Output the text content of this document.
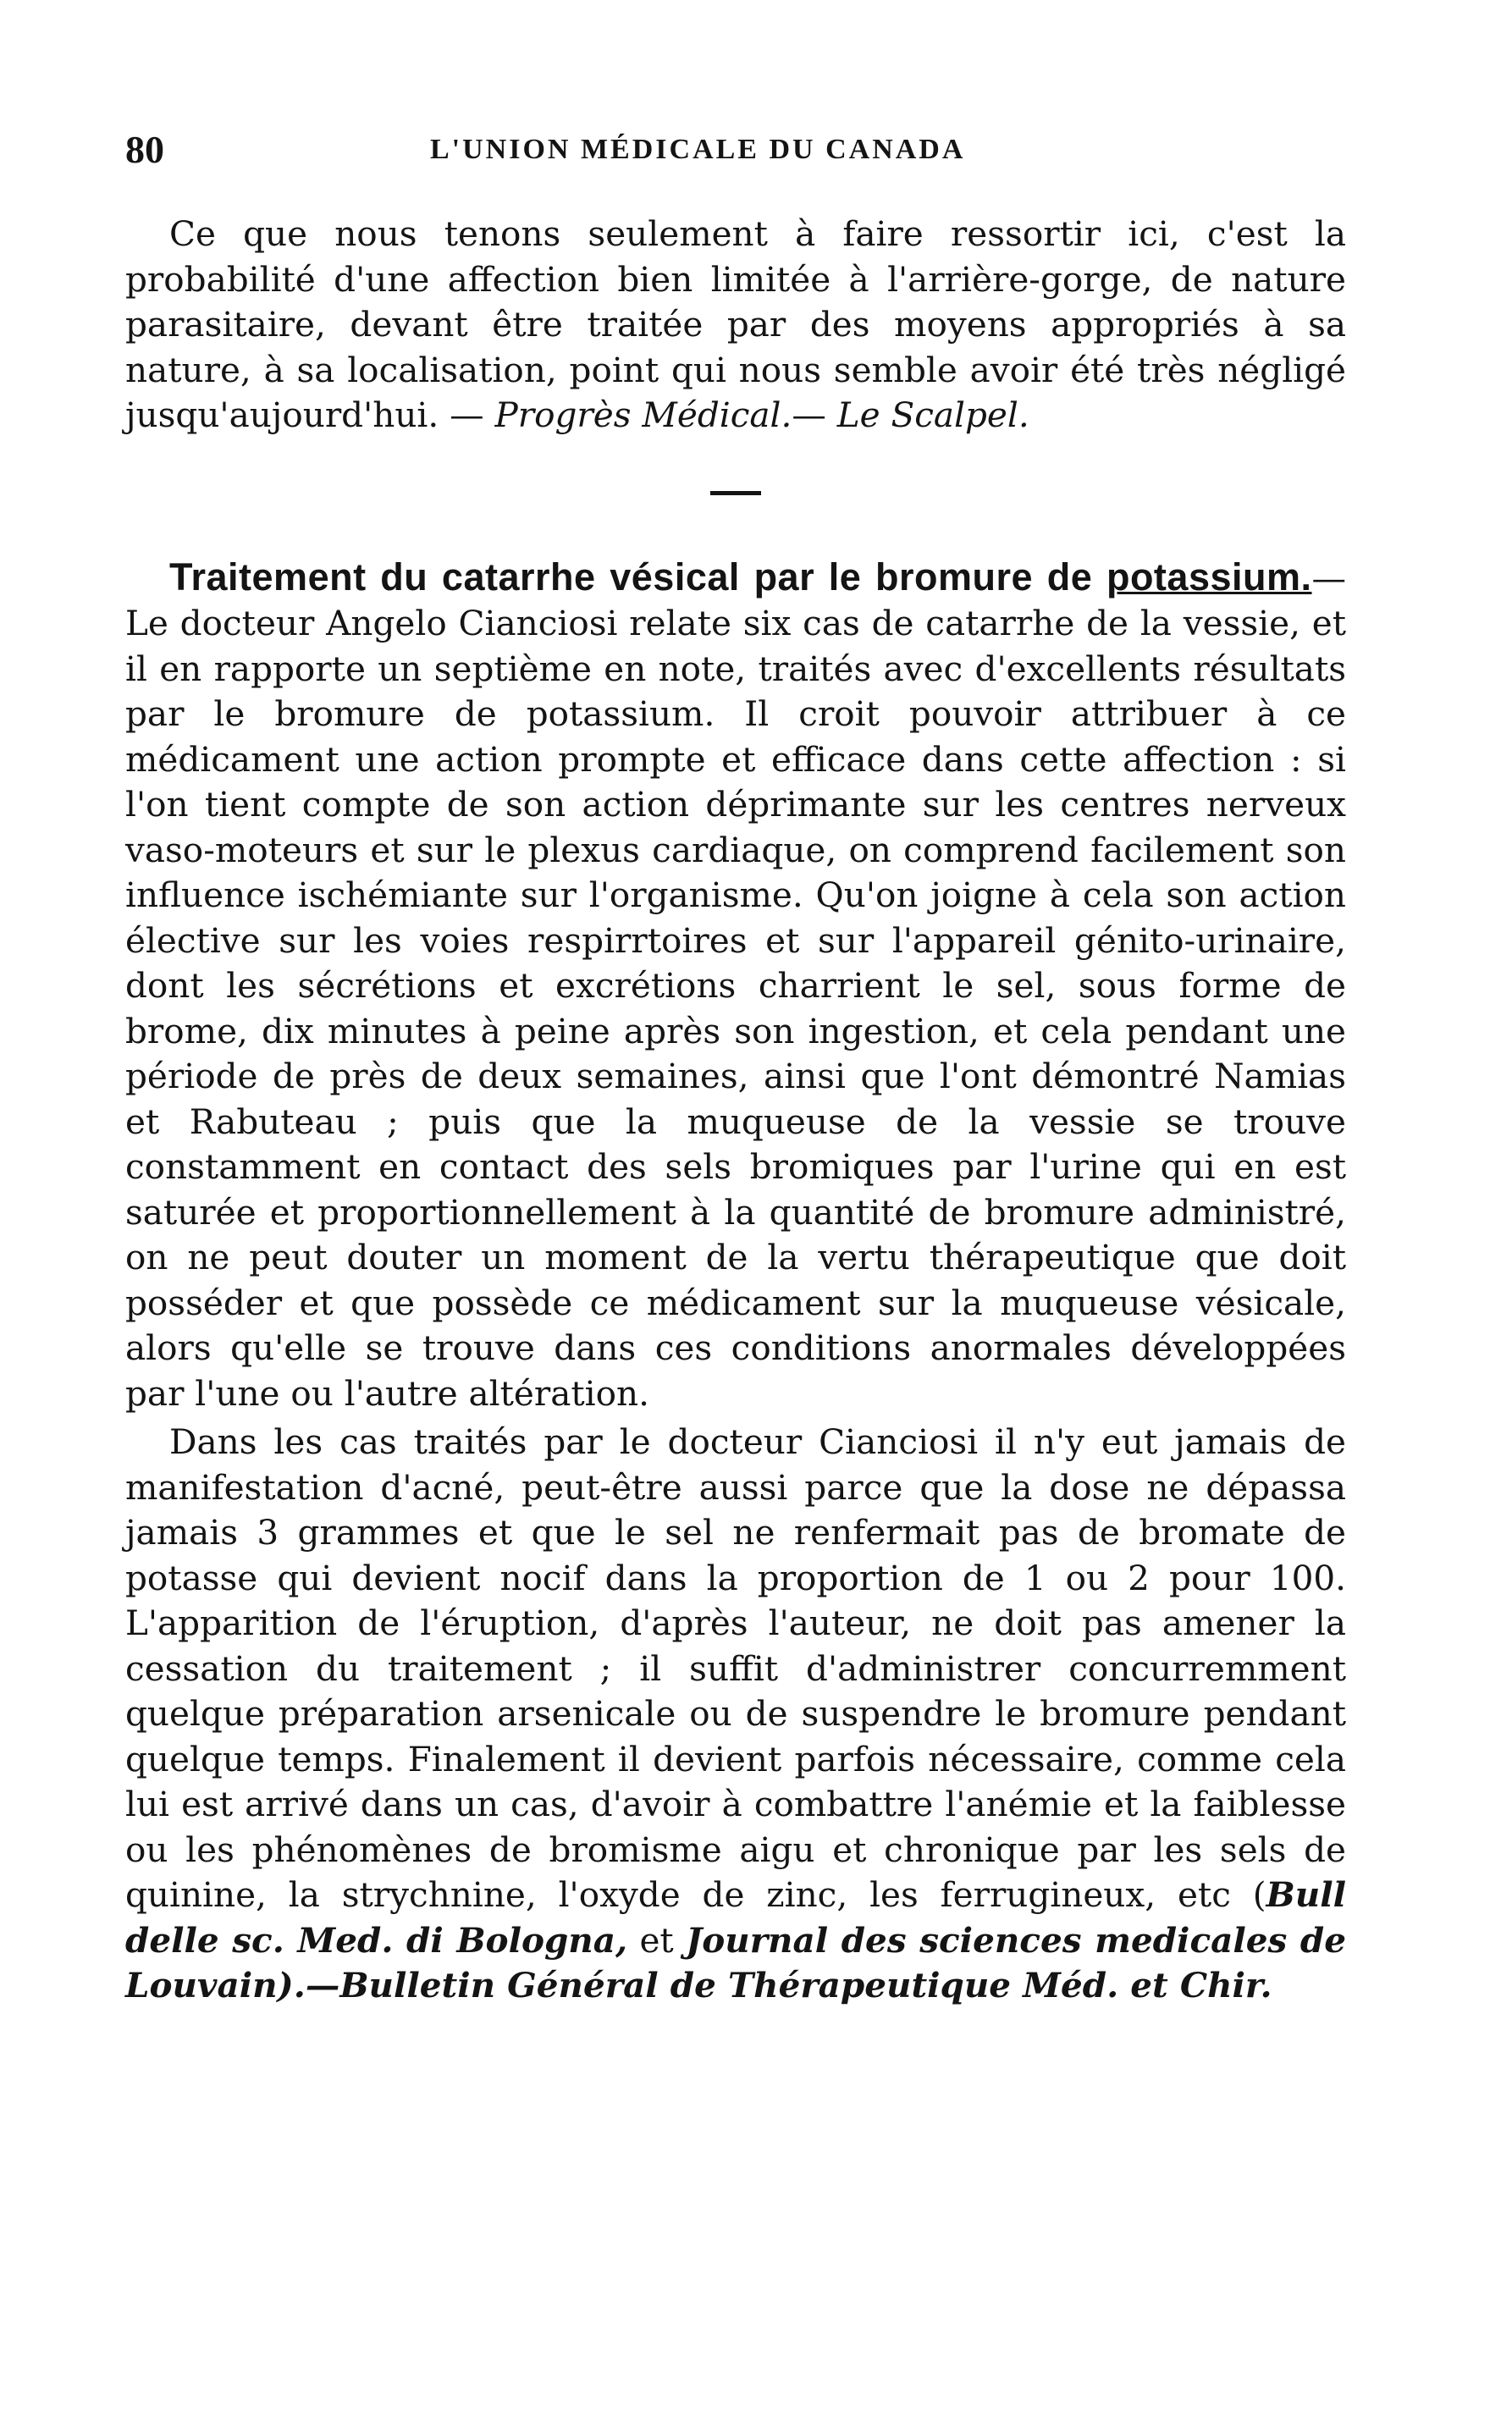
80	L'UNION MÉDICALE DU CANADA

Ce que nous tenons seulement à faire ressortir ici, c'est la probabilité d'une affection bien limitée à l'arrière-gorge, de nature parasitaire, devant être traitée par des moyens appropriés à sa nature, à sa localisation, point qui nous semble avoir été très négligé jusqu'aujourd'hui. — Progrès Médical.— Le Scalpel.

Traitement du catarrhe vésical par le bromure de potassium.—Le docteur Angelo Cianciosi relate six cas de catarrhe de la vessie, et il en rapporte un septième en note, traités avec d'excellents résultats par le bromure de potassium. Il croit pouvoir attribuer à ce médicament une action prompte et efficace dans cette affection : si l'on tient compte de son action déprimante sur les centres nerveux vaso-moteurs et sur le plexus cardiaque, on comprend facilement son influence ischémiante sur l'organisme. Qu'on joigne à cela son action élective sur les voies respirrtoires et sur l'appareil génito-urinaire, dont les sécrétions et excrétions charrient le sel, sous forme de brome, dix minutes à peine après son ingestion, et cela pendant une période de près de deux semaines, ainsi que l'ont démontré Namias et Rabuteau ; puis que la muqueuse de la vessie se trouve constamment en contact des sels bromiques par l'urine qui en est saturée et proportionnellement à la quantité de bromure administré, on ne peut douter un moment de la vertu thérapeutique que doit posséder et que possède ce médicament sur la muqueuse vésicale, alors qu'elle se trouve dans ces conditions anormales développées par l'une ou l'autre altération.

Dans les cas traités par le docteur Cianciosi il n'y eut jamais de manifestation d'acné, peut-être aussi parce que la dose ne dépassa jamais 3 grammes et que le sel ne renfermait pas de bromate de potasse qui devient nocif dans la proportion de 1 ou 2 pour 100. L'apparition de l'éruption, d'après l'auteur, ne doit pas amener la cessation du traitement ; il suffit d'administrer concurremment quelque préparation arsenicale ou de suspendre le bromure pendant quelque temps. Finalement il devient parfois nécessaire, comme cela lui est arrivé dans un cas, d'avoir à combattre l'anémie et la faiblesse ou les phénomènes de bromisme aigu et chronique par les sels de quinine, la strychnine, l'oxyde de zinc, les ferrugineux, etc (Bull delle sc. Med. di Bologna, et Journal des sciences medicales de Louvain).—Bulletin Général de Thérapeutique Méd. et Chir.
